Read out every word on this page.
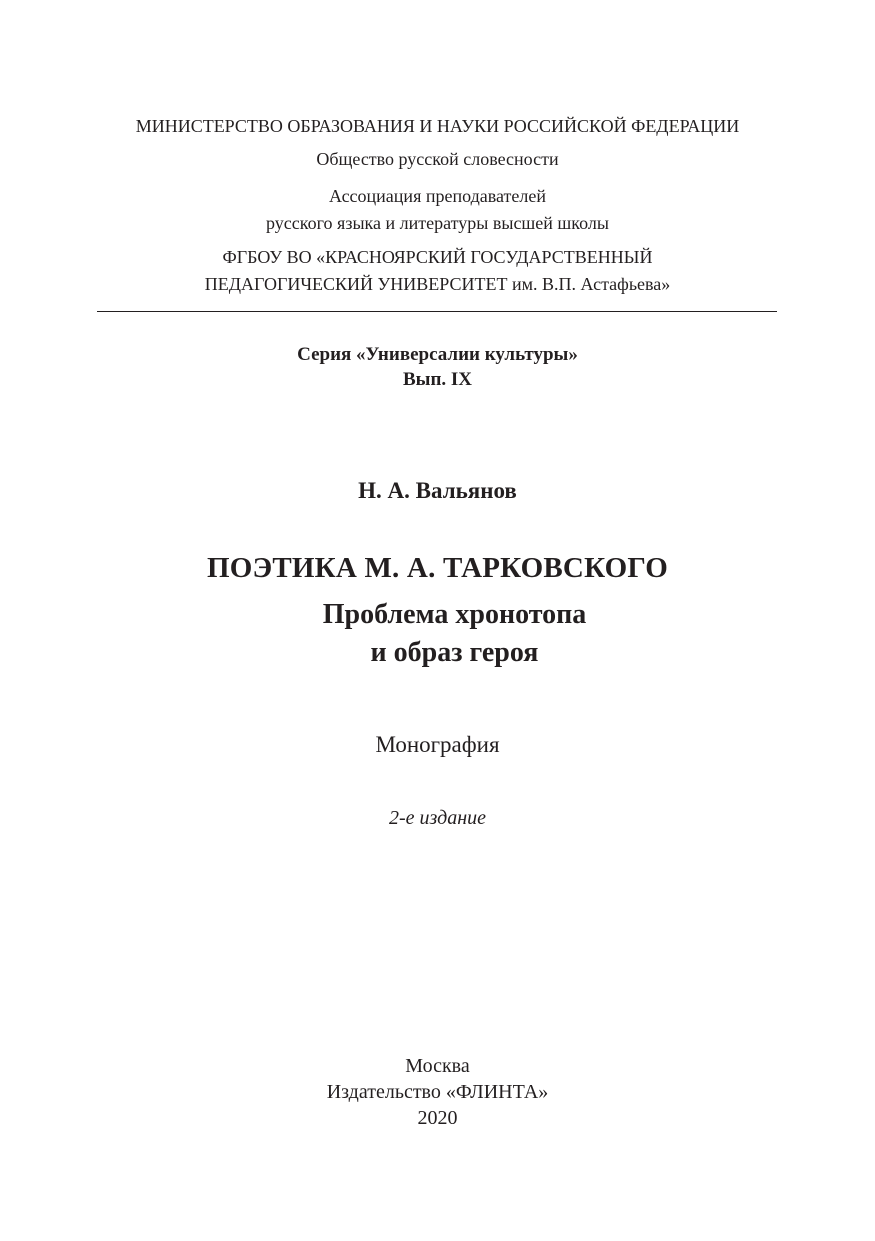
МИНИСТЕРСТВО ОБРАЗОВАНИЯ И НАУКИ РОССИЙСКОЙ ФЕДЕРАЦИИ
Общество русской словесности
Ассоциация преподавателей
русского языка и литературы высшей школы
ФГБОУ ВО «КРАСНОЯРСКИЙ ГОСУДАРСТВЕННЫЙ
ПЕДАГОГИЧЕСКИЙ УНИВЕРСИТЕТ им. В.П. Астафьева»
Серия «Универсалии культуры»
Вып. IX
Н. А. Вальянов
ПОЭТИКА М. А. ТАРКОВСКОГО
Проблема хронотопа
и образ героя
Монография
2-е издание
Москва
Издательство «ФЛИНТА»
2020
